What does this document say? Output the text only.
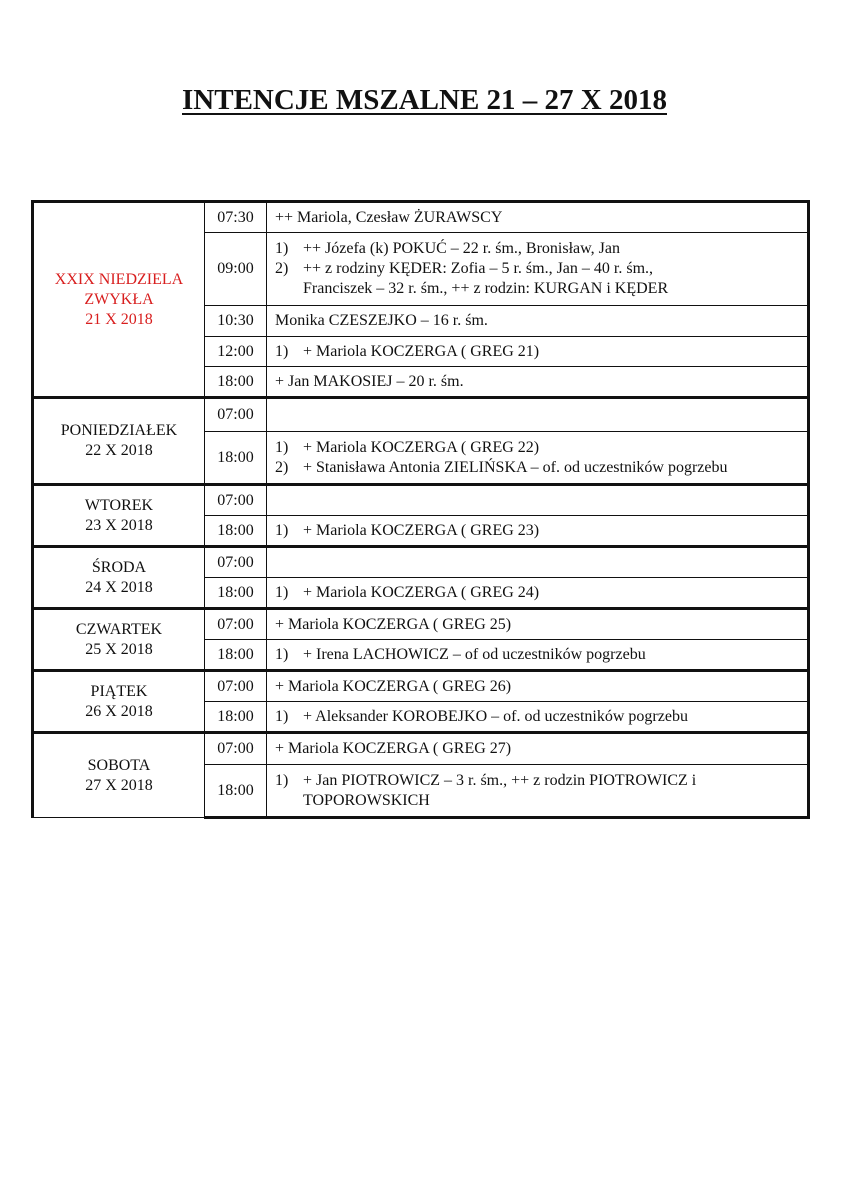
INTENCJE MSZALNE 21 – 27 X 2018
XXIX NIEDZIELA
ZWYKŁA
21 X 2018	07:30	++ Mariola, Czesław ŻURAWSCY

	09:00	1) ++ Józefa (k) POKUĆ – 22 r. śm., Bronisław, Jan
2) ++ z rodziny KĘDER: Zofia – 5 r. śm., Jan – 40 r. śm.,
Franciszek – 32 r. śm., ++ z rodzin: KURGAN i KĘDER

	10:30	Monika CZESZEJKO – 16 r. śm.

	12:00	1) + Mariola KOCZERGA ( GREG 21)

	18:00	+ Jan MAKOSIEJ – 20 r. śm.

PONIEDZIAŁEK
22 X 2018	07:00	

	18:00	1) + Mariola KOCZERGA ( GREG 22)
2) + Stanisława Antonia ZIELIŃSKA – of. od uczestników pogrzebu

WTOREK
23 X 2018	07:00	

	18:00	1) + Mariola KOCZERGA ( GREG 23)

ŚRODA
24 X 2018	07:00	

	18:00	1) + Mariola KOCZERGA ( GREG 24)

CZWARTEK
25 X 2018	07:00	+ Mariola KOCZERGA ( GREG 25)

	18:00	1) + Irena LACHOWICZ – of od uczestników pogrzebu

PIĄTEK
26 X 2018	07:00	+ Mariola KOCZERGA ( GREG 26)

	18:00	1) + Aleksander KOROBEJKO – of. od uczestników pogrzebu

SOBOTA
27 X 2018	07:00	+ Mariola KOCZERGA ( GREG 27)

	18:00	1) + Jan PIOTROWICZ – 3 r. śm., ++ z rodzin PIOTROWICZ i
TOPOROWSKICH
